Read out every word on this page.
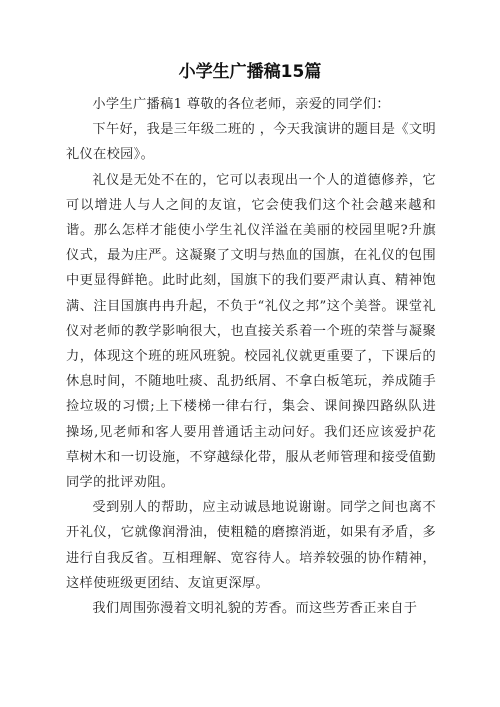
小学生广播稿15篇

小学生广播稿1 尊敬的各位老师，亲爱的同学们：

下午好，我是三年级二班的 ，今天我演讲的题目是《文明礼仪在校园》。

礼仪是无处不在的，它可以表现出一个人的道德修养，它可以增进人与人之间的友谊，它会使我们这个社会越来越和谐。那么怎样才能使小学生礼仪洋溢在美丽的校园里呢?升旗仪式，最为庄严。这凝聚了文明与热血的国旗，在礼仪的包围中更显得鲜艳。此时此刻，国旗下的我们要严肃认真、精神饱满、注目国旗冉冉升起，不负于“礼仪之邦”这个美誉。课堂礼仪对老师的教学影响很大，也直接关系着一个班的荣誉与凝聚力，体现这个班的班风班貌。校园礼仪就更重要了，下课后的休息时间，不随地吐痰、乱扔纸屑、不拿白板笔玩，养成随手捡垃圾的习惯;上下楼梯一律右行，集会、课间操四路纵队进操场,见老师和客人要用普通话主动问好。我们还应该爱护花草树木和一切设施，不穿越绿化带，服从老师管理和接受值勤同学的批评劝阻。

受到别人的帮助，应主动诚恳地说谢谢。同学之间也离不开礼仪，它就像润滑油，使粗糙的磨擦消逝，如果有矛盾，多进行自我反省。互相理解、宽容待人。培养较强的协作精神，这样使班级更团结、友谊更深厚。

我们周围弥漫着文明礼貌的芳香。而这些芳香正来自于
